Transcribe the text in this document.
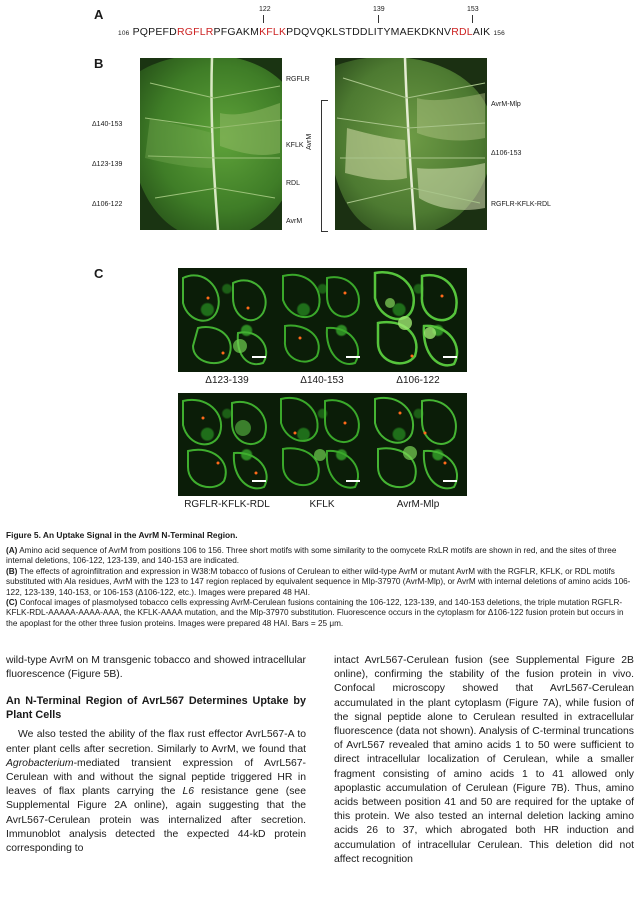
A	122	139	153
106 PQPEFDRGFLRPFGAKMKFLKPDQVQKLSTDDLITYMAEKDKNVRDLAIK 156
B
Δ140-153
Δ123-139
Δ106-122
RGFLR
KFLK
RDL
AvrM
AvrM
AvrM-Mlp
Δ106-153
RGFLR-KFLK-RDL
C
Δ123-139	Δ140-153	Δ106-122
RGFLR-KFLK-RDL	KFLK	AvrM-Mlp
Figure 5. An Uptake Signal in the AvrM N-Terminal Region.
(A) Amino acid sequence of AvrM from positions 106 to 156. Three short motifs with some similarity to the oomycete RxLR motifs are shown in red, and the sites of three internal deletions, 106-122, 123-139, and 140-153 are indicated.
(B) The effects of agroinfiltration and expression in W38:M tobacco of fusions of Cerulean to either wild-type AvrM or mutant AvrM with the RGFLR, KFLK, or RDL motifs substituted with Ala residues, AvrM with the 123 to 147 region replaced by equivalent sequence in Mlp-37970 (AvrM-Mlp), or AvrM with internal deletions of amino acids 106-122, 123-139, 140-153, or 106-153 (Δ106-122, etc.). Images were prepared 48 HAI.
(C) Confocal images of plasmolysed tobacco cells expressing AvrM-Cerulean fusions containing the 106-122, 123-139, and 140-153 deletions, the triple mutation RGFLR-KFLK-RDL-AAAAA-AAAA-AAA, the KFLK-AAAA mutation, and the Mlp-37970 substitution. Fluorescence occurs in the cytoplasm for Δ106-122 fusion protein but occurs in the apoplast for the other three fusion proteins. Images were prepared 48 HAI. Bars = 25 μm.
wild-type AvrM on M transgenic tobacco and showed intracellular fluorescence (Figure 5B).
An N-Terminal Region of AvrL567 Determines Uptake by Plant Cells
We also tested the ability of the flax rust effector AvrL567-A to enter plant cells after secretion. Similarly to AvrM, we found that Agrobacterium-mediated transient expression of AvrL567-Cerulean with and without the signal peptide triggered HR in leaves of flax plants carrying the L6 resistance gene (see Supplemental Figure 2A online), again suggesting that the AvrL567-Cerulean protein was internalized after secretion. Immunoblot analysis detected the expected 44-kD protein corresponding to
intact AvrL567-Cerulean fusion (see Supplemental Figure 2B online), confirming the stability of the fusion protein in vivo. Confocal microscopy showed that AvrL567-Cerulean accumulated in the plant cytoplasm (Figure 7A), while fusion of the signal peptide alone to Cerulean resulted in extracellular fluorescence (data not shown). Analysis of C-terminal truncations of AvrL567 revealed that amino acids 1 to 50 were sufficient to direct intracellular localization of Cerulean, while a smaller fragment consisting of amino acids 1 to 41 allowed only apoplastic accumulation of Cerulean (Figure 7B). Thus, amino acids between position 41 and 50 are required for the uptake of this protein. We also tested an internal deletion lacking amino acids 26 to 37, which abrogated both HR induction and accumulation of intracellular Cerulean. This deletion did not affect recognition
